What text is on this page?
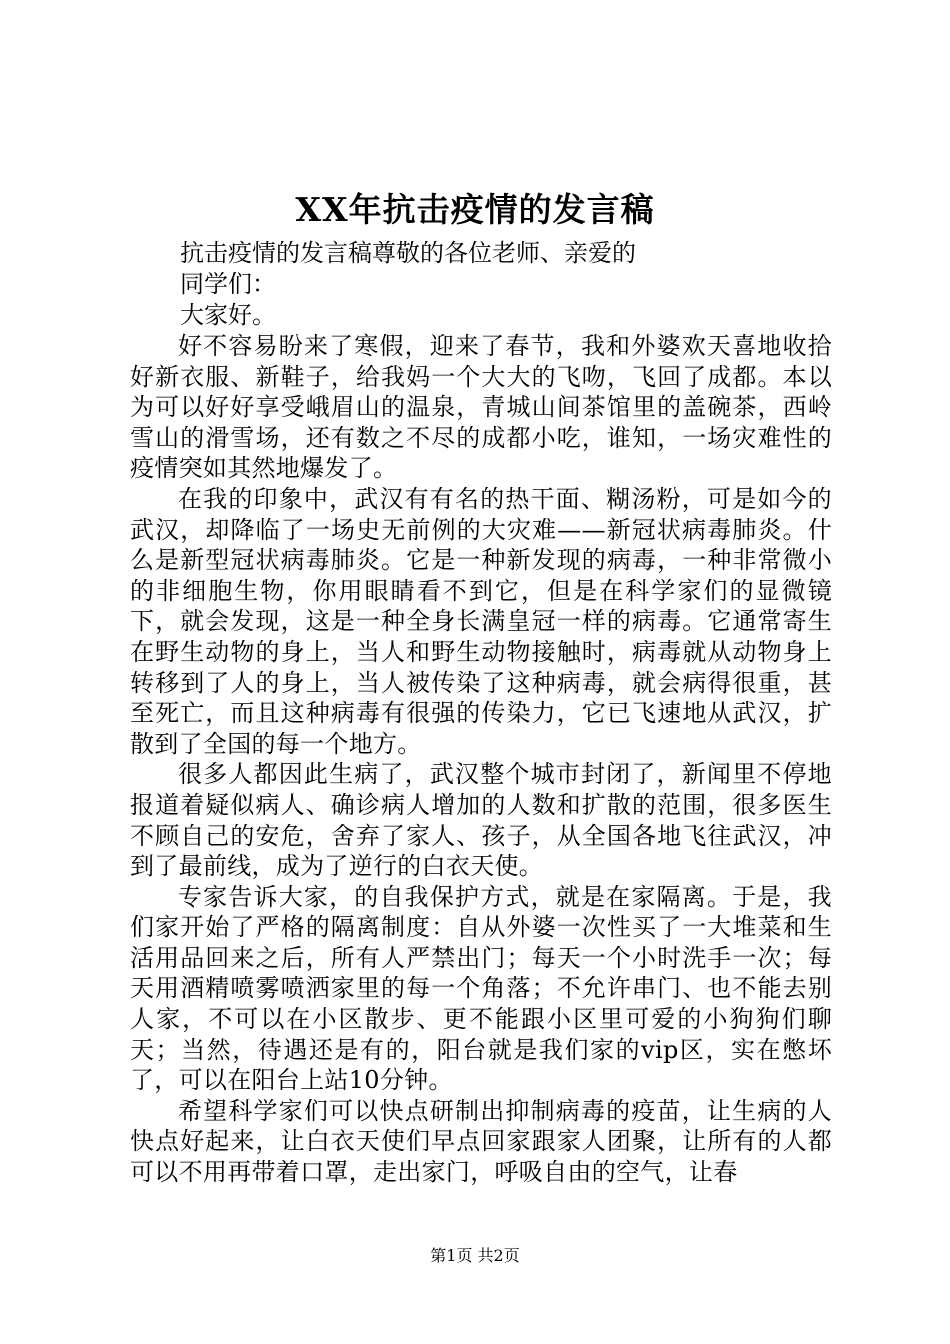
XX年抗击疫情的发言稿
抗击疫情的发言稿尊敬的各位老师、亲爱的
同学们：
大家好。

好不容易盼来了寒假，迎来了春节，我和外婆欢天喜地收拾好新衣服、新鞋子，给我妈一个大大的飞吻，飞回了成都。本以为可以好好享受峨眉山的温泉，青城山间茶馆里的盖碗茶，西岭雪山的滑雪场，还有数之不尽的成都小吃，谁知，一场灾难性的疫情突如其然地爆发了。

在我的印象中，武汉有有名的热干面、糊汤粉，可是如今的武汉，却降临了一场史无前例的大灾难——新冠状病毒肺炎。什么是新型冠状病毒肺炎。它是一种新发现的病毒，一种非常微小的非细胞生物，你用眼睛看不到它，但是在科学家们的显微镜下，就会发现，这是一种全身长满皇冠一样的病毒。它通常寄生在野生动物的身上，当人和野生动物接触时，病毒就从动物身上转移到了人的身上，当人被传染了这种病毒，就会病得很重，甚至死亡，而且这种病毒有很强的传染力，它已飞速地从武汉，扩散到了全国的每一个地方。

很多人都因此生病了，武汉整个城市封闭了，新闻里不停地报道着疑似病人、确诊病人增加的人数和扩散的范围，很多医生不顾自己的安危，舍弃了家人、孩子，从全国各地飞往武汉，冲到了最前线，成为了逆行的白衣天使。

专家告诉大家，的自我保护方式，就是在家隔离。于是，我们家开始了严格的隔离制度：自从外婆一次性买了一大堆菜和生活用品回来之后，所有人严禁出门；每天一个小时洗手一次；每天用酒精喷雾喷洒家里的每一个角落；不允许串门、也不能去别人家，不可以在小区散步、更不能跟小区里可爱的小狗狗们聊天；当然，待遇还是有的，阳台就是我们家的vip区，实在憋坏了，可以在阳台上站10分钟。

希望科学家们可以快点研制出抑制病毒的疫苗，让生病的人快点好起来，让白衣天使们早点回家跟家人团聚，让所有的人都可以不用再带着口罩，走出家门，呼吸自由的空气，让春

第1页 共2页
